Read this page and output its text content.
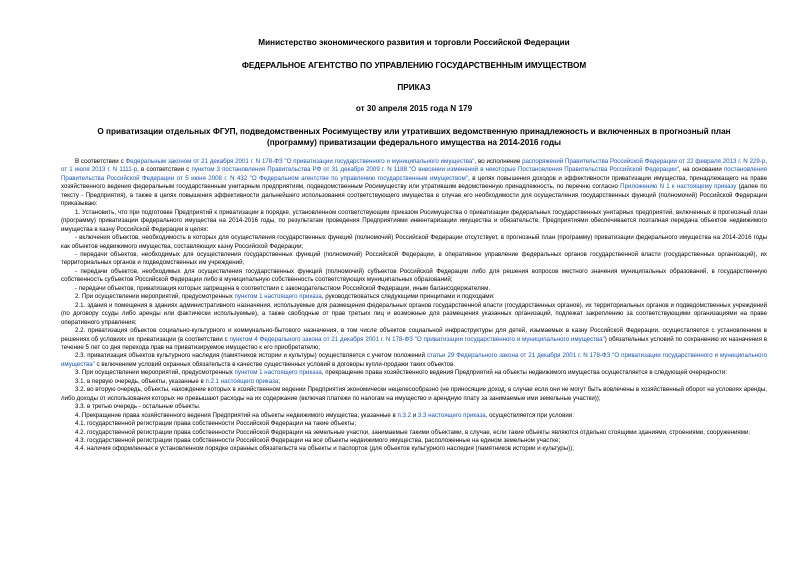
Министерство экономического развития и торговли Российской Федерации
ФЕДЕРАЛЬНОЕ АГЕНТСТВО ПО УПРАВЛЕНИЮ ГОСУДАРСТВЕННЫМ ИМУЩЕСТВОМ
ПРИКАЗ
от 30 апреля 2015 года N 179
О приватизации отдельных ФГУП, подведомственных Росимуществу или утративших ведомственную принадлежность и включенных в прогнозный план (программу) приватизации федерального имущества на 2014-2016 годы

В соответствии с Федеральным законом от 21 декабря 2001 г. N 178-ФЗ "О приватизации государственного и муниципального имущества", во исполнение распоряжений Правительства Российской Федерации от 22 февраля 2013 г. N 229-р, от 1 июля 2013 г. N 1111-р, в соответствии с пунктом 3 постановления Правительства РФ от 31 декабря 2009 г. N 1188 "О внесении изменений в некоторые Постановления Правительства Российской Федерации", на основании постановления Правительства Российской Федерации от 5 июня 2008 г. N 432 "О Федеральном агентстве по управлению государственным имуществом", в целях повышения доходов и эффективности приватизации имущества, принадлежащего на праве хозяйственного ведения федеральным государственным унитарным предприятиям, подведомственным Росимуществу или утратившим ведомственную принадлежность, по перечню согласно Приложению N 1 к настоящему приказу (далее по тексту - Предприятия), а также в целях повышения эффективности дальнейшего использования соответствующего имущества в случае его необходимости для осуществления государственных функций (полномочий) Российской Федерации приказываю:

1. Установить, что при подготовке Предприятий к приватизации в порядке, установленном соответствующим приказом Росимущества о приватизации федеральных государственных унитарных предприятий, включенных в прогнозный план (программу) приватизации федерального имущества на 2014-2016 годы, по результатам проведения Предприятиями инвентаризации имущества и обязательств, Предприятиями обеспечивается поэтапная передача объектов недвижимого имущества в казну Российской Федерации в целях:

- включения объектов, необходимость в которых для осуществления государственных функций (полномочий) Российской Федерации отсутствует, в прогнозный план (программу) приватизации федерального имущества на 2014-2016 годы как объектов недвижимого имущества, составляющих казну Российской Федерации;

- передачи объектов, необходимых для осуществления государственных функций (полномочий) Российской Федерации, в оперативное управление федеральных органов государственной власти (государственных организаций), их территориальных органов и подведомственных им учреждений;

- передачи объектов, необходимых для осуществления государственных функций (полномочий) субъектов Российской Федерации либо для решения вопросов местного значения муниципальных образований, в государственную собственность субъектов Российской Федерации либо в муниципальную собственность соответствующих муниципальных образований;

- передачи объектов, приватизация которых запрещена в соответствии с законодательством Российской Федерации, иным балансодержателям.

2. При осуществлении мероприятий, предусмотренных пунктом 1 настоящего приказа, руководствоваться следующими принципами и подходами:

2.1. здания и помещения в зданиях административного назначения, используемые для размещения федеральных органов государственной власти (государственных органов), их территориальных органов и подведомственных учреждений (по договору ссуды либо аренды или фактически используемые), а также свободные от прав третьих лиц и возможные для размещения указанных организаций, подлежат закреплению за соответствующими организациями на праве оперативного управления;

2.2. приватизация объектов социально-культурного и коммунально-бытового назначения, в том числе объектов социальной инфраструктуры для детей, изымаемых в казну Российской Федерации, осуществляется с установлением в решениях об условиях их приватизации (в соответствии с пунктом 4 Федерального закона от 21 декабря 2001 г. N 178-ФЗ "О приватизации государственного и муниципального имущества") обязательных условий по сохранению их назначения в течение 5 лет со дня перехода прав на приватизируемое имущество к его приобретателю;

2.3. приватизация объектов культурного наследия (памятников истории и культуры) осуществляется с учетом положений статьи 29 Федерального закона от 21 декабря 2001 г. N 178-ФЗ "О приватизации государственного и муниципального имущества" с включением условий охранных обязательств в качестве существенных условий в договоры купли-продажи таких объектов.

3. При осуществлении мероприятий, предусмотренных пунктом 1 настоящего приказа, прекращение права хозяйственного ведения Предприятий на объекты недвижимого имущества осуществляется в следующей очередности:

3.1. в первую очередь, объекты, указанные в п.2.1 настоящего приказа;

3.2. во вторую очередь, объекты, нахождение которых в хозяйственном ведении Предприятия экономически нецелесообразно (не приносящие доход, в случае если они не могут быть вовлечены в хозяйственный оборот на условиях аренды, либо доходы от использования которых не превышают расходы на их содержание (включая платежи по налогам на имущество и арендную плату за занимаемые ими земельные участки));

3.3. в третью очередь - остальные объекты.

4. Прекращение права хозяйственного ведения Предприятий на объекты недвижимого имущества, указанные в п.3.2 и 3.3 настоящего приказа, осуществляется при условии:

4.1. государственной регистрации права собственности Российской Федерации на такие объекты;

4.2. государственной регистрации права собственности Российской Федерации на земельные участки, занимаемые такими объектами, в случае, если такие объекты являются отдельно стоящими зданиями, строениями, сооружениями;

4.3. государственной регистрации права собственности Российской Федерации на все объекты недвижимого имущества, расположенные на едином земельном участке;

4.4. наличия оформленных в установленном порядке охранных обязательств на объекты и паспортов (для объектов культурного наследия (памятников истории и культуры));
